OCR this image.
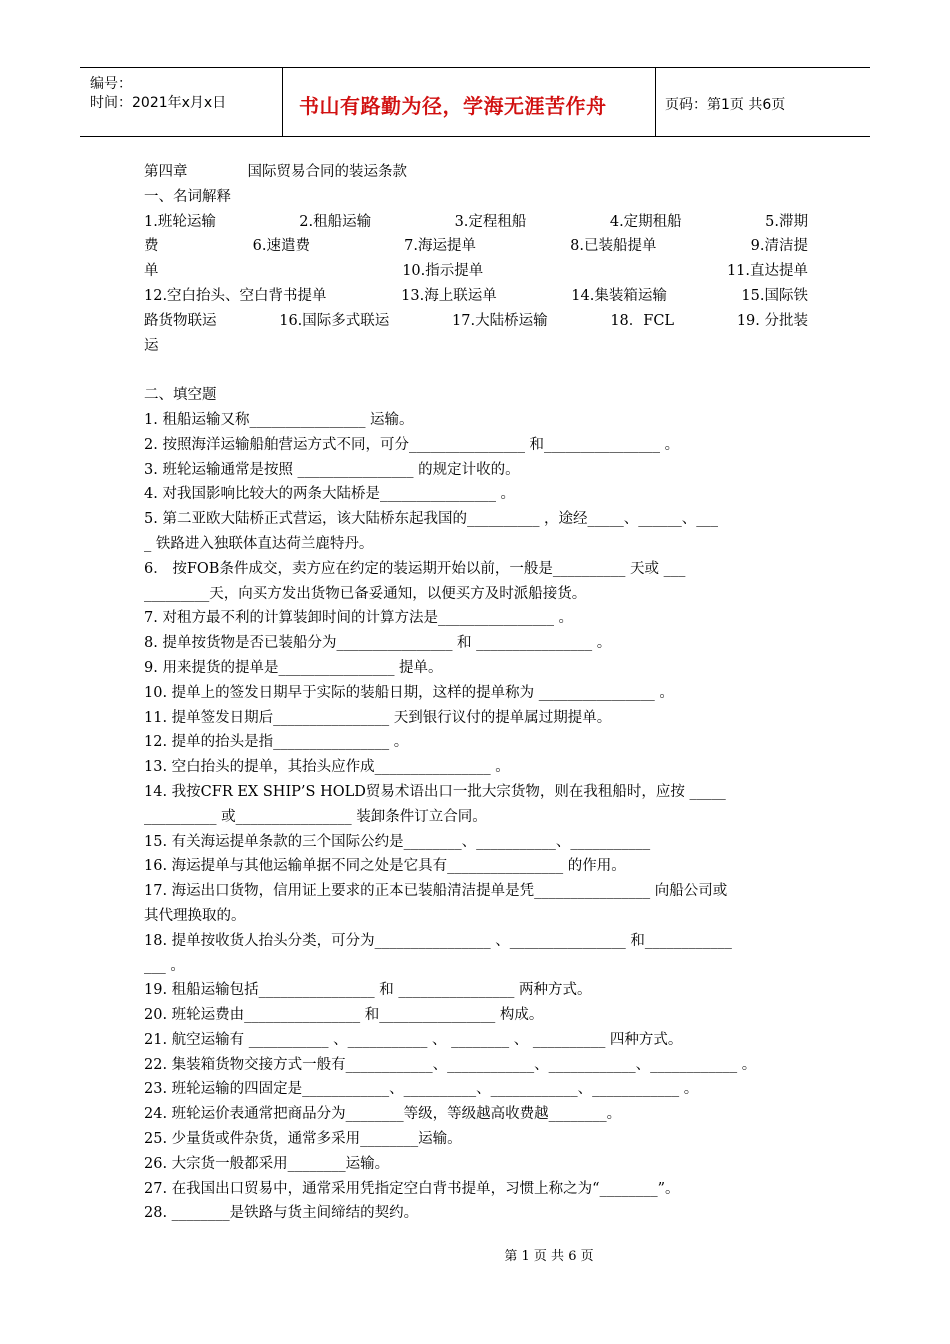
编号：
时间：2021年x月x日	书山有路勤为径，学海无涯苦作舟	页码：第1页 共6页
第四章	国际贸易合同的装运条款
一、名词解释
1.班轮运输	2.租船运输	3.定程租船	4.定期租船	5.滞期
费	6.速遣费	7.海运提单	8.已装船提单	9.清洁提
单	10.指示提单	11.直达提单
12.空白抬头、空白背书提单	13.海上联运单	14.集装箱运输	15.国际铁
路货物联运	16.国际多式联运	17.大陆桥运输	18．FCL	19. 分批装
运
二、填空题
1. 租船运输又称________________ 运输。
2. 按照海洋运输船舶营运方式不同，可分________________ 和________________ 。
3. 班轮运输通常是按照 ________________ 的规定计收的。
4. 对我国影响比较大的两条大陆桥是________________ 。
5. 第二亚欧大陆桥正式营运，该大陆桥东起我国的__________ ，途经_____、______、___
_ 铁路进入独联体直达荷兰鹿特丹。
6． 按FOB条件成交，卖方应在约定的装运期开始以前，一般是__________ 天或 ___
_________天，向买方发出货物已备妥通知，以便买方及时派船接货。
7. 对租方最不利的计算装卸时间的计算方法是________________ 。
8. 提单按货物是否已装船分为________________ 和 ________________ 。
9. 用来提货的提单是________________ 提单。
10. 提单上的签发日期早于实际的装船日期，这样的提单称为 ________________ 。
11. 提单签发日期后________________ 天到银行议付的提单属过期提单。
12. 提单的抬头是指________________ 。
13. 空白抬头的提单，其抬头应作成________________ 。
14. 我按CFR EX SHIP’S HOLD贸易术语出口一批大宗货物，则在我租船时，应按 _____
__________ 或________________ 装卸条件订立合同。
15. 有关海运提单条款的三个国际公约是________、___________、___________
16. 海运提单与其他运输单据不同之处是它具有________________ 的作用。
17. 海运出口货物，信用证上要求的正本已装船清洁提单是凭________________ 向船公司或
其代理换取的。
18. 提单按收货人抬头分类，可分为________________ 、________________ 和____________
___ 。
19. 租船运输包括________________ 和 ________________ 两种方式。
20. 班轮运费由________________ 和________________ 构成。
21. 航空运输有 ___________ 、___________ 、 ________ 、 __________ 四种方式。
22. 集装箱货物交接方式一般有____________、____________、____________、____________ 。
23. 班轮运输的四固定是____________、__________、____________、____________ 。
24. 班轮运价表通常把商品分为________等级，等级越高收费越________。
25. 少量货或件杂货，通常多采用________运输。
26. 大宗货一般都采用________运输。
27. 在我国出口贸易中，通常采用凭指定空白背书提单，习惯上称之为“________”。
28. ________是铁路与货主间缔结的契约。
第 1 页 共 6 页
